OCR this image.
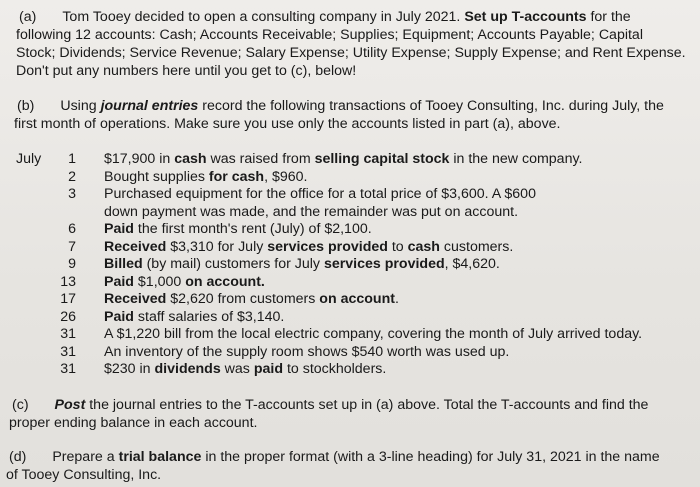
(a) Tom Tooey decided to open a consulting company in July 2021. Set up T-accounts for the
following 12 accounts: Cash; Accounts Receivable; Supplies; Equipment; Accounts Payable; Capital
Stock; Dividends; Service Revenue; Salary Expense; Utility Expense; Supply Expense; and Rent Expense.
Don't put any numbers here until you get to (c), below!
(b) Using journal entries record the following transactions of Tooey Consulting, Inc. during July, the
first month of operations. Make sure you use only the accounts listed in part (a), above.
July	1 $17,900 in cash was raised from selling capital stock in the new company.
2 Bought supplies for cash, $960.
3 Purchased equipment for the office for a total price of $3,600. A $600
down payment was made, and the remainder was put on account.
6 Paid the first month's rent (July) of $2,100.
7 Received $3,310 for July services provided to cash customers.
9 Billed (by mail) customers for July services provided, $4,620.
13 Paid $1,000 on account.
17 Received $2,620 from customers on account.
26 Paid staff salaries of $3,140.
31 A $1,220 bill from the local electric company, covering the month of July arrived today.
31 An inventory of the supply room shows $540 worth was used up.
31 $230 in dividends was paid to stockholders.
(c) Post the journal entries to the T-accounts set up in (a) above. Total the T-accounts and find the
proper ending balance in each account.
(d) Prepare a trial balance in the proper format (with a 3-line heading) for July 31, 2021 in the name
of Tooey Consulting, Inc.
